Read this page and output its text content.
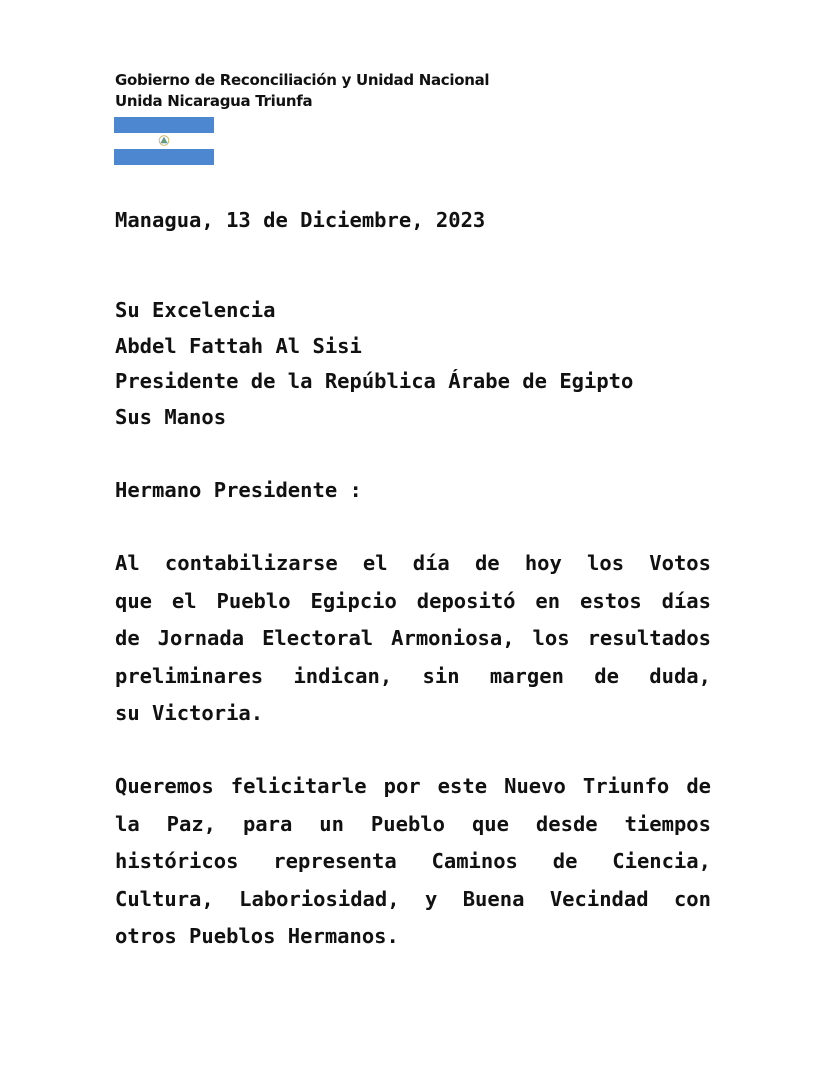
Gobierno de Reconciliación y Unidad Nacional
Unida Nicaragua Triunfa
Managua, 13 de Diciembre, 2023
Su Excelencia
Abdel Fattah Al Sisi
Presidente de la República Árabe de Egipto
Sus Manos
Hermano Presidente :
Al contabilizarse el día de hoy los Votos
que el Pueblo Egipcio depositó en estos días
de Jornada Electoral Armoniosa, los resultados
preliminares indican, sin margen de duda,
su Victoria.
Queremos felicitarle por este Nuevo Triunfo de
la Paz, para un Pueblo que desde tiempos
históricos representa Caminos de Ciencia,
Cultura, Laboriosidad, y Buena Vecindad con
otros Pueblos Hermanos.
